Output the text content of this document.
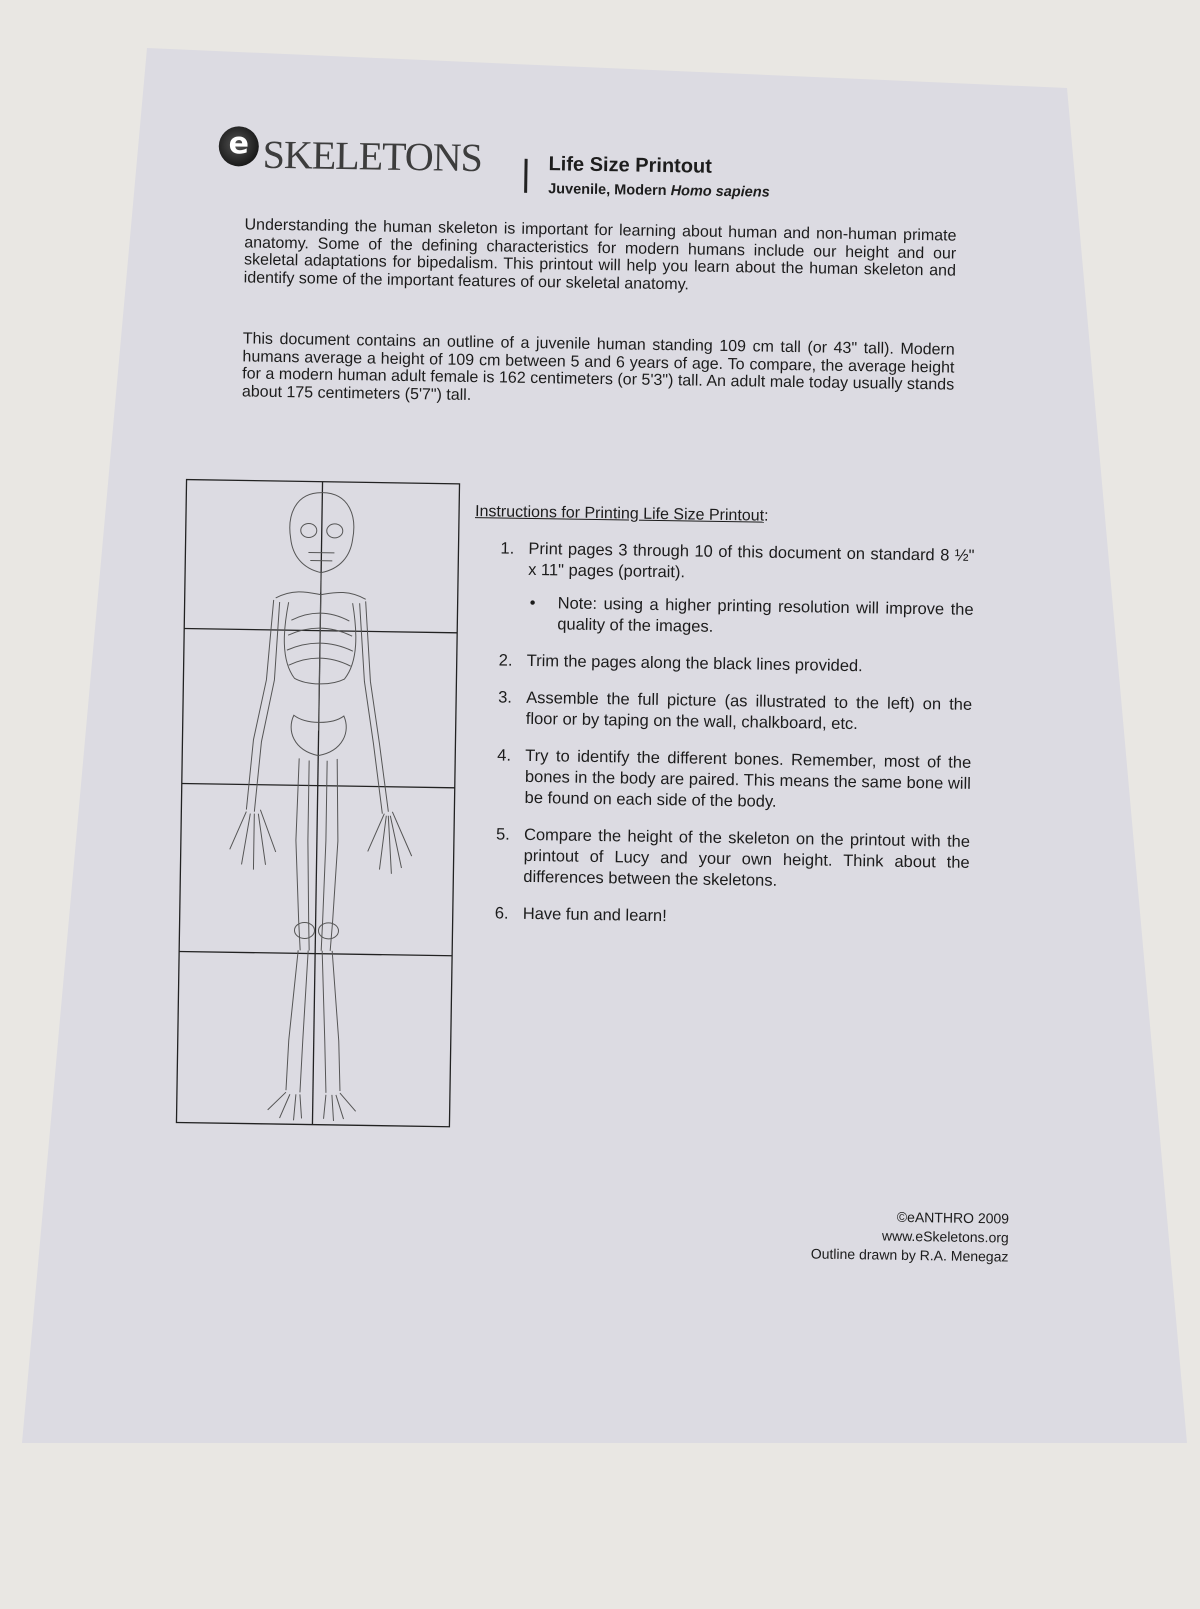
e SKELETONS	Life Size Printout
Juvenile, Modern Homo sapiens

Understanding the human skeleton is important for learning about human and non-human primate anatomy. Some of the defining characteristics for modern humans include our height and our skeletal adaptations for bipedalism. This printout will help you learn about the human skeleton and identify some of the important features of our skeletal anatomy.

This document contains an outline of a juvenile human standing 109 cm tall (or 43" tall). Modern humans average a height of 109 cm between 5 and 6 years of age. To compare, the average height for a modern human adult female is 162 centimeters (or 5'3") tall. An adult male today usually stands about 175 centimeters (5'7") tall.

Instructions for Printing Life Size Printout:
1. Print pages 3 through 10 of this document on standard 8 ½" x 11" pages (portrait).
• Note: using a higher printing resolution will improve the quality of the images.
2. Trim the pages along the black lines provided.
3. Assemble the full picture (as illustrated to the left) on the floor or by taping on the wall, chalkboard, etc.
4. Try to identify the different bones. Remember, most of the bones in the body are paired. This means the same bone will be found on each side of the body.
5. Compare the height of the skeleton on the printout with the printout of Lucy and your own height. Think about the differences between the skeletons.
6. Have fun and learn!
©eANTHRO 2009
www.eSkeletons.org
Outline drawn by R.A. Menegaz
